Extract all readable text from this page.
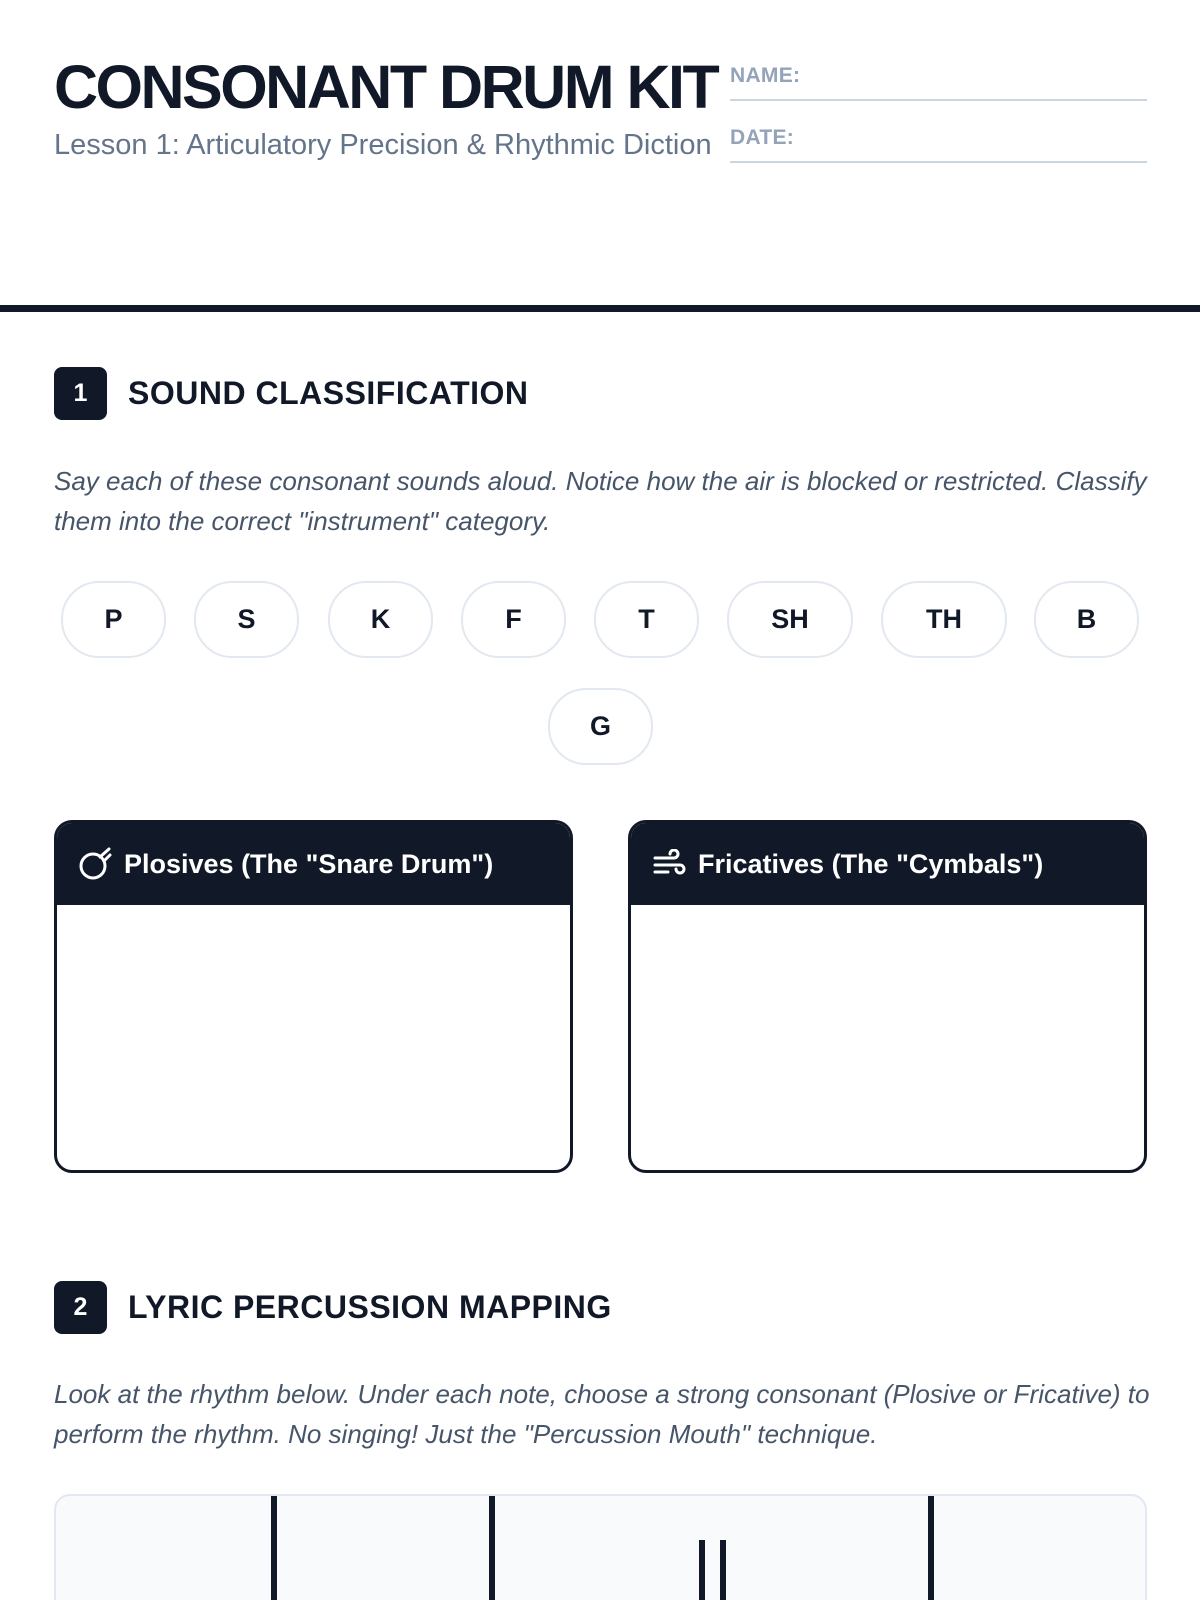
CONSONANT DRUM KIT
Lesson 1: Articulatory Precision & Rhythmic Diction
NAME:
DATE:
1	SOUND CLASSIFICATION

Say each of these consonant sounds aloud. Notice how the air is blocked or restricted. Classify them into the correct "instrument" category.

P	S	K	F	T	SH	TH	B
G
Plosives (The "Snare Drum")	Fricatives (The "Cymbals")
2	LYRIC PERCUSSION MAPPING

Look at the rhythm below. Under each note, choose a strong consonant (Plosive or Fricative) to perform the rhythm. No singing! Just the "Percussion Mouth" technique.
